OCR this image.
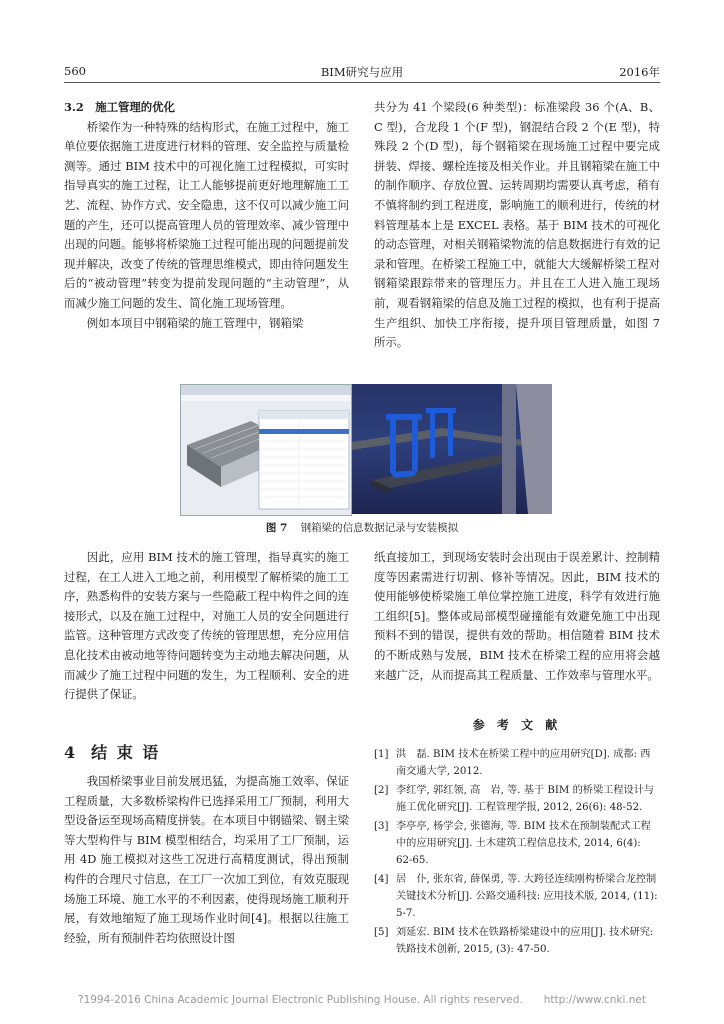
560	BIM研究与应用	2016年

3.2　施工管理的优化

桥梁作为一种特殊的结构形式，在施工过程中，施工单位要依据施工进度进行材料的管理、安全监控与质量检测等。通过 BIM 技术中的可视化施工过程模拟，可实时指导真实的施工过程，让工人能够提前更好地理解施工工艺、流程、协作方式、安全隐患，这不仅可以减少施工问题的产生，还可以提高管理人员的管理效率、减少管理中出现的问题。能够将桥梁施工过程可能出现的问题提前发现并解决，改变了传统的管理思维模式，即由待问题发生后的“被动管理”转变为提前发现问题的“主动管理”，从而减少施工问题的发生、简化施工现场管理。

例如本项目中钢箱梁的施工管理中，钢箱梁

共分为 41 个梁段(6 种类型)：标准梁段 36 个(A、B、C 型)，合龙段 1 个(F 型)，钢混结合段 2 个(E 型)，特殊段 2 个(D 型)，每个钢箱梁在现场施工过程中要完成拼装、焊接、螺栓连接及相关作业。并且钢箱梁在施工中的制作顺序、存放位置、运转周期均需要认真考虑，稍有不慎将制约到工程进度，影响施工的顺利进行，传统的材料管理基本上是 EXCEL 表格。基于 BIM 技术的可视化的动态管理，对相关钢箱梁物流的信息数据进行有效的记录和管理。在桥梁工程施工中，就能大大缓解桥梁工程对钢箱梁跟踪带来的管理压力。并且在工人进入施工现场前，观看钢箱梁的信息及施工过程的模拟，也有利于提高生产组织、加快工序衔接，提升项目管理质量，如图 7 所示。

图 7 钢箱梁的信息数据记录与安装模拟

因此，应用 BIM 技术的施工管理，指导真实的施工过程，在工人进入工地之前，利用模型了解桥梁的施工工序，熟悉构件的安装方案与一些隐蔽工程中构件之间的连接形式，以及在施工过程中，对施工人员的安全问题进行监管。这种管理方式改变了传统的管理思想，充分应用信息化技术由被动地等待问题转变为主动地去解决问题，从而减少了施工过程中问题的发生，为工程顺利、安全的进行提供了保证。

纸直接加工，到现场安装时会出现由于误差累计、控制精度等因素需进行切割、修补等情况。因此，BIM 技术的使用能够使桥梁施工单位掌控施工进度，科学有效进行施工组织[5]。整体或局部模型碰撞能有效避免施工中出现预料不到的错误，提供有效的帮助。相信随着 BIM 技术的不断成熟与发展，BIM 技术在桥梁工程的应用将会越来越广泛，从而提高其工程质量、工作效率与管理水平。

4 结 束 语

我国桥梁事业目前发展迅猛，为提高施工效率、保证工程质量，大多数桥梁构件已选择采用工厂预制，利用大型设备运至现场高精度拼装。在本项目中钢锚梁、钢主梁等大型构件与 BIM 模型相结合，均采用了工厂预制，运用 4D 施工模拟对这些工况进行高精度测试，得出预制构件的合理尺寸信息，在工厂一次加工到位，有效克服现场施工环境、施工水平的不利因素，使得现场施工顺利开展，有效地缩短了施工现场作业时间[4]。根据以往施工经验，所有预制件若均依照设计图

参 考 文 献
[1] 洪　磊. BIM 技术在桥梁工程中的应用研究[D]. 成都: 西南交通大学, 2012.
[2] 李红学, 郭红领, 高　岩, 等. 基于 BIM 的桥梁工程设计与施工优化研究[J]. 工程管理学报, 2012, 26(6): 48-52.
[3] 李亭亭, 杨学会, 张德海, 等. BIM 技术在预制装配式工程中的应用研究[J]. 土木建筑工程信息技术, 2014, 6(4): 62-65.
[4] 居　仆, 张东省, 薛保勇, 等. 大跨径连续刚构桥梁合龙控制关键技术分析[J]. 公路交通科技: 应用技术版, 2014, (11): 5-7.
[5] 刘延宏. BIM 技术在铁路桥梁建设中的应用[J]. 技术研究: 铁路技术创新, 2015, (3): 47-50.
?1994-2016 China Academic Journal Electronic Publishing House. All rights reserved.　　http://www.cnki.net
